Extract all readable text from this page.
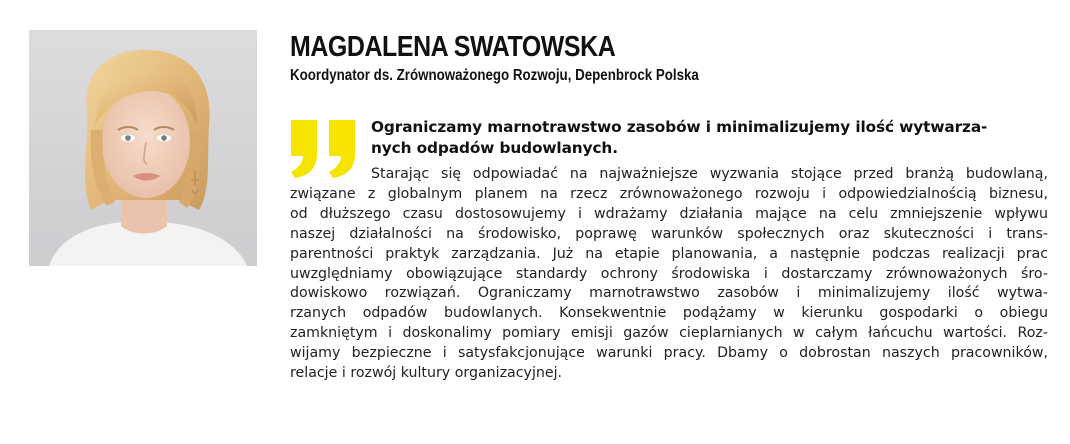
MAGDALENA SWATOWSKA

Koordynator ds. Zrównoważonego Rozwoju, Depenbrock Polska

Ograniczamy marnotrawstwo zasobów i minimalizujemy ilość wytwarza-
nych odpadów budowlanych.

Starając się odpowiadać na najważniejsze wyzwania stojące przed branżą budowlaną,
związane z globalnym planem na rzecz zrównoważonego rozwoju i odpowiedzialnością biznesu,
od dłuższego czasu dostosowujemy i wdrażamy działania mające na celu zmniejszenie wpływu
naszej działalności na środowisko, poprawę warunków społecznych oraz skuteczności i trans-
parentności praktyk zarządzania. Już na etapie planowania, a następnie podczas realizacji prac
uwzględniamy obowiązujące standardy ochrony środowiska i dostarczamy zrównoważonych śro-
dowiskowo rozwiązań. Ograniczamy marnotrawstwo zasobów i minimalizujemy ilość wytwa-
rzanych odpadów budowlanych. Konsekwentnie podążamy w kierunku gospodarki o obiegu
zamkniętym i doskonalimy pomiary emisji gazów cieplarnianych w całym łańcuchu wartości. Roz-
wijamy bezpieczne i satysfakcjonujące warunki pracy. Dbamy o dobrostan naszych pracowników,
relacje i rozwój kultury organizacyjnej.
